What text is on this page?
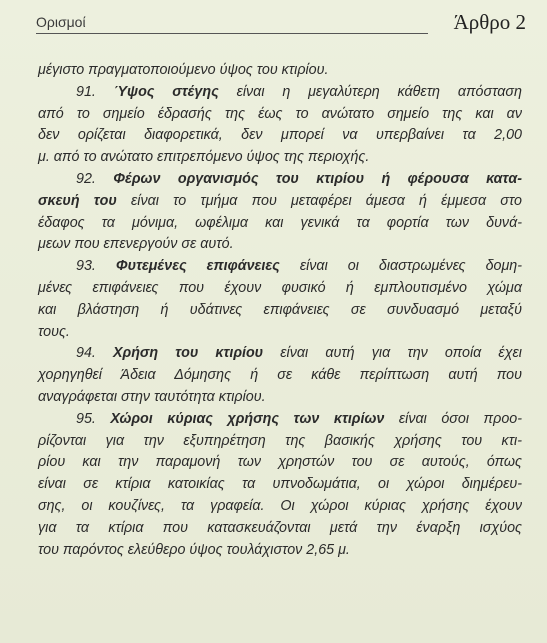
Ορισμοί	Άρθρο 2
μέγιστο πραγματοποιούμενο ύψος του κτιρίου.
91. Ύψος στέγης είναι η μεγαλύτερη κάθετη απόσταση
από το σημείο έδρασής της έως το ανώτατο σημείο της και αν
δεν ορίζεται διαφορετικά, δεν μπορεί να υπερβαίνει τα 2,00
μ. από το ανώτατο επιτρεπόμενο ύψος της περιοχής.
92. Φέρων οργανισμός του κτιρίου ή φέρουσα κατα-
σκευή του είναι το τμήμα που μεταφέρει άμεσα ή έμμεσα στο
έδαφος τα μόνιμα, ωφέλιμα και γενικά τα φορτία των δυνά-
μεων που επενεργούν σε αυτό.
93. Φυτεμένες επιφάνειες είναι οι διαστρωμένες δομη-
μένες επιφάνειες που έχουν φυσικό ή εμπλουτισμένο χώμα
και βλάστηση ή υδάτινες επιφάνειες σε συνδυασμό μεταξύ
τους.
94. Χρήση του κτιρίου είναι αυτή για την οποία έχει
χορηγηθεί Άδεια Δόμησης ή σε κάθε περίπτωση αυτή που
αναγράφεται στην ταυτότητα κτιρίου.
95. Χώροι κύριας χρήσης των κτιρίων είναι όσοι προο-
ρίζονται για την εξυπηρέτηση της βασικής χρήσης του κτι-
ρίου και την παραμονή των χρηστών του σε αυτούς, όπως
είναι σε κτίρια κατοικίας τα υπνοδωμάτια, οι χώροι διημέρευ-
σης, οι κουζίνες, τα γραφεία. Οι χώροι κύριας χρήσης έχουν
για τα κτίρια που κατασκευάζονται μετά την έναρξη ισχύος
του παρόντος ελεύθερο ύψος τουλάχιστον 2,65 μ.
